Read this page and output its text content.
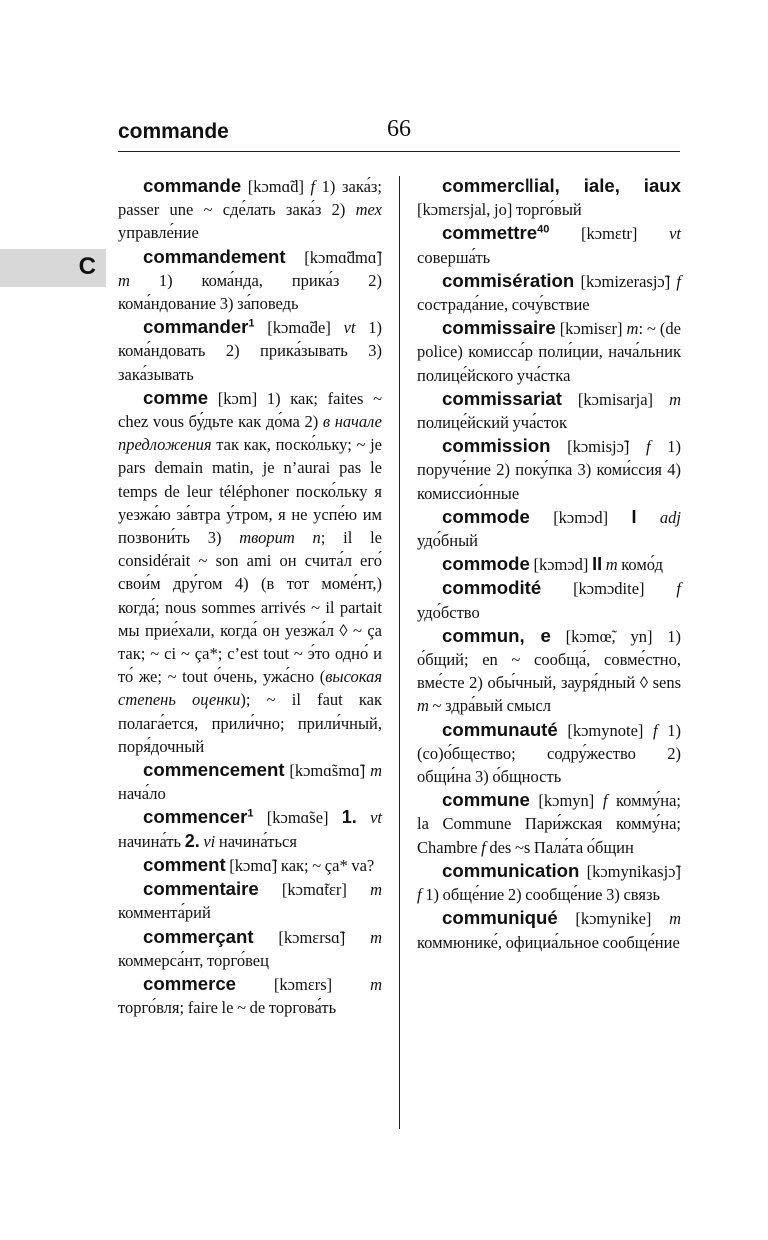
commande	66
C

commande [kɔmɑ̃d] f 1) зака́з; passer une ~ сде́лать зака́з 2) тех управле́ние

commandement [kɔmɑ̃dmɑ̃] m 1) кома́нда, прика́з 2) кома́ндование 3) за́поведь

commander$^1$ [kɔmɑ̃de] vt 1) кома́ндовать 2) прика́зывать 3) зака́зывать

comme [kɔm] 1) как; faites ~ chez vous бу́дьте как до́ма 2) в начале предложения так как, поско́льку; ~ je pars demain matin, je n’aurai pas le temps de leur téléphoner поско́льку я уезжа́ю за́втра у́тром, я не успе́ю им позвони́ть 3) творит п; il le considérait ~ son ami он счита́л его́ свои́м дру́гом 4) (в тот моме́нт,) когда́; nous sommes arrivés ~ il partait мы прие́хали, когда́ он уезжа́л ◊ ~ ça так; ~ ci ~ ça*; c’est tout ~ э́то одно́ и то́ же; ~ tout о́чень, ужа́сно (высокая степень оценки); ~ il faut как полага́ется, прили́чно; прили́чный, поря́дочный

commencement [kɔmɑ̃smɑ̃] m нача́ло

commencer$^1$ [kɔmɑ̃se] 1. vt начина́ть 2. vi начина́ться

comment [kɔmɑ̃] как; ~ ça* va?

commentaire [kɔmɑ̃tɛr] m коммента́рий

commerçant [kɔmɛrsɑ̃] m коммерса́нт, торго́вец

commerce [kɔmɛrs] m торго́вля; faire le ~ de торгова́ть

commerc‖ial, iale, iaux [kɔmɛrsjal, jo] торго́вый

commettre$^{40}$ [kɔmɛtr] vt соверша́ть

commisération [kɔmizerasjɔ̃] f сострада́ние, сочу́вствие

commissaire [kɔmisɛr] m: ~ (de police) комисса́р поли́ции, нача́льник полице́йского уча́стка

commissariat [kɔmisarja] m полице́йский уча́сток

commission [kɔmisjɔ̃] f 1) поруче́ние 2) поку́пка 3) коми́ссия 4) комиссио́нные

commode [kɔmɔd] I adj удо́бный

commode [kɔmɔd] II m комо́д

commodité [kɔmɔdite] f удо́бство

commun, e [kɔmœ̃, yn] 1) о́бщий; en ~ сообща́, совме́стно, вме́сте 2) обы́чный, зауря́дный ◊ sens m ~ здра́вый смысл

communauté [kɔmynote] f 1) (со)о́бщество; содру́жество 2) общи́на 3) о́бщность

commune [kɔmyn] f комму́на; la Commune Пари́жская комму́на; Chambre f des ~s Пала́та о́бщин

communication [kɔmynikasjɔ̃] f 1) обще́ние 2) сообще́ние 3) связь

communiqué [kɔmynike] m коммюнике́, официа́льное сообще́ние
